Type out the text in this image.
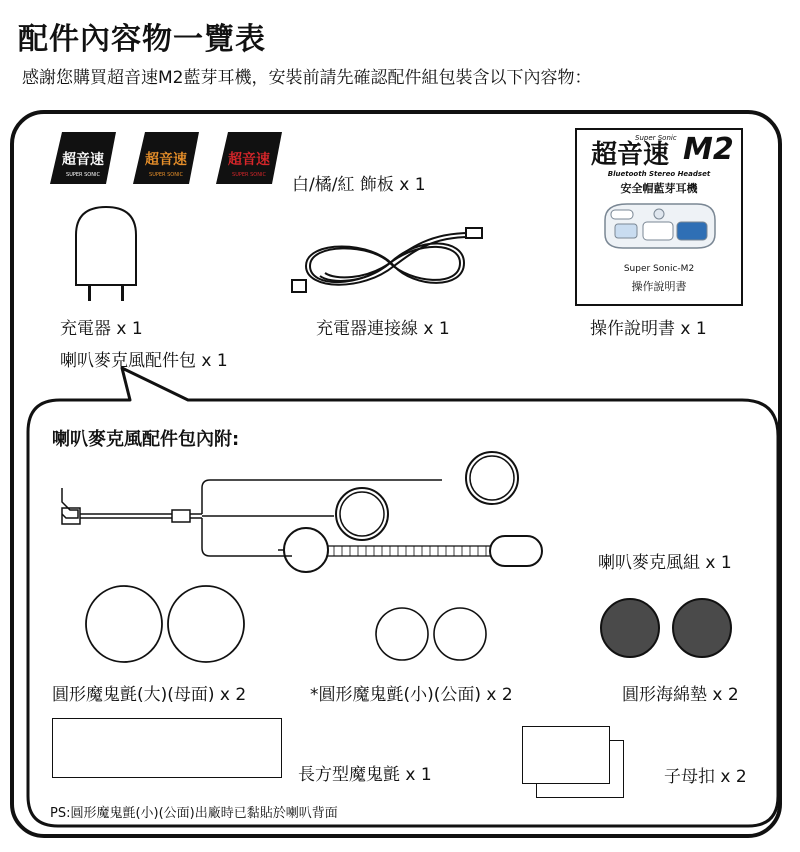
配件內容物一覽表
感謝您購買超音速M2藍芽耳機，安裝前請先確認配件組包裝含以下內容物：
超音速
SUPER SONIC
超音速
SUPER SONIC
超音速
SUPER SONIC 白/橘/紅 飾板 x 1
充電器 x 1
喇叭麥克風配件包 x 1
充電器連接線 x 1
超音速
Super Sonic M2
Bluetooth Stereo Headset
安全帽藍芽耳機
Super Sonic-M2
操作說明書
操作說明書 x 1
喇叭麥克風配件包內附:
喇叭麥克風組 x 1
圓形魔鬼氈(大)(母面) x 2	*圓形魔鬼氈(小)(公面) x 2	圓形海綿墊 x 2
長方型魔鬼氈 x 1	子母扣 x 2
PS:圓形魔鬼氈(小)(公面)出廠時已黏貼於喇叭背面
